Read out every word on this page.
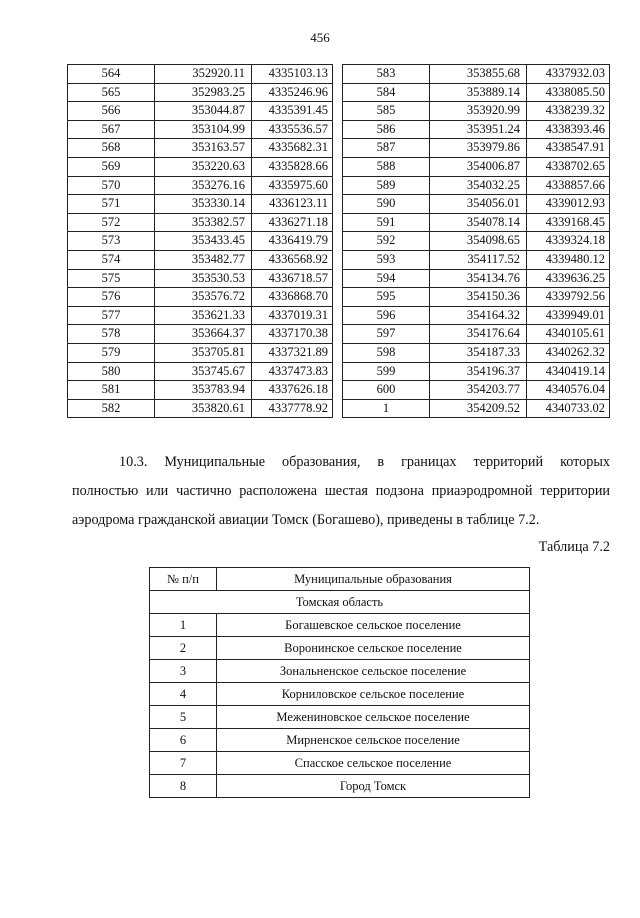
456
564	352920.11	4335103.13
565	352983.25	4335246.96
566	353044.87	4335391.45
567	353104.99	4335536.57
568	353163.57	4335682.31
569	353220.63	4335828.66
570	353276.16	4335975.60
571	353330.14	4336123.11
572	353382.57	4336271.18
573	353433.45	4336419.79
574	353482.77	4336568.92
575	353530.53	4336718.57
576	353576.72	4336868.70
577	353621.33	4337019.31
578	353664.37	4337170.38
579	353705.81	4337321.89
580	353745.67	4337473.83
581	353783.94	4337626.18
582	353820.61	4337778.92
583	353855.68	4337932.03
584	353889.14	4338085.50
585	353920.99	4338239.32
586	353951.24	4338393.46
587	353979.86	4338547.91
588	354006.87	4338702.65
589	354032.25	4338857.66
590	354056.01	4339012.93
591	354078.14	4339168.45
592	354098.65	4339324.18
593	354117.52	4339480.12
594	354134.76	4339636.25
595	354150.36	4339792.56
596	354164.32	4339949.01
597	354176.64	4340105.61
598	354187.33	4340262.32
599	354196.37	4340419.14
600	354203.77	4340576.04
1	354209.52	4340733.02
10.3. Муниципальные образования, в границах территорий которых
полностью или частично расположена шестая подзона приаэродромной территории
аэродрома гражданской авиации Томск (Богашево), приведены в таблице 7.2.
Таблица 7.2
№ п/п	Муниципальные образования
Томская область	
1	Богашевское сельское поселение
2	Воронинское сельское поселение
3	Зональненское сельское поселение
4	Корниловское сельское поселение
5	Межениновское сельское поселение
6	Мирненское сельское поселение
7	Спасское сельское поселение
8	Город Томск
